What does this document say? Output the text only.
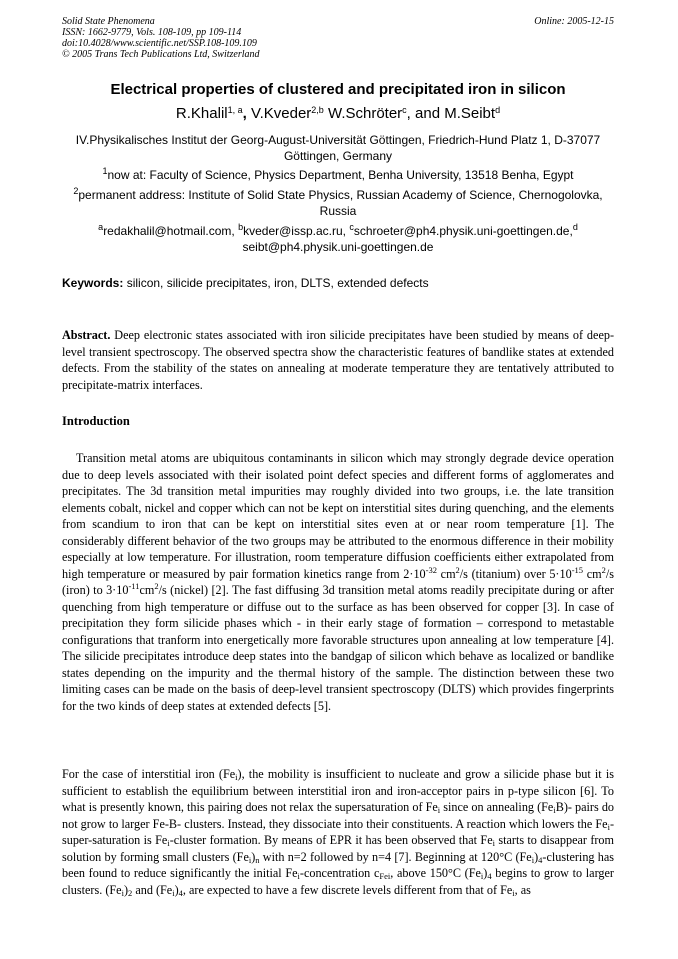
Solid State Phenomena
ISSN: 1662-9779, Vols. 108-109, pp 109-114
doi:10.4028/www.scientific.net/SSP.108-109.109
© 2005 Trans Tech Publications Ltd, Switzerland
Online: 2005-12-15
Electrical properties of clustered and precipitated iron in silicon
R.Khalil$^{1, a}$, V.Kveder$^{2,b}$ W.Schröter$^c$, and M.Seibt$^d$
IV.Physikalisches Institut der Georg-August-Universität Göttingen, Friedrich-Hund Platz 1, D-37077 Göttingen, Germany
$^1$now at: Faculty of Science, Physics Department, Benha University, 13518 Benha, Egypt
$^2$permanent address: Institute of Solid State Physics, Russian Academy of Science, Chernogolovka, Russia
$^a$redakhalil@hotmail.com, $^b$kveder@issp.ac.ru, $^c$schroeter@ph4.physik.uni-goettingen.de,$^d$ seibt@ph4.physik.uni-goettingen.de
Keywords: silicon, silicide precipitates, iron, DLTS, extended defects
Abstract. Deep electronic states associated with iron silicide precipitates have been studied by means of deep-level transient spectroscopy. The observed spectra show the characteristic features of bandlike states at extended defects. From the stability of the states on annealing at moderate temperature they are tentatively attributed to precipitate-matrix interfaces.
Introduction
Transition metal atoms are ubiquitous contaminants in silicon which may strongly degrade device operation due to deep levels associated with their isolated point defect species and different forms of agglomerates and precipitates. The 3d transition metal impurities may roughly divided into two groups, i.e. the late transition elements cobalt, nickel and copper which can not be kept on interstitial sites during quenching, and the elements from scandium to iron that can be kept on interstitial sites even at or near room temperature [1]. The considerably different behavior of the two groups may be attributed to the enormous difference in their mobility especially at low temperature. For illustration, room temperature diffusion coefficients either extrapolated from high temperature or measured by pair formation kinetics range from $2\cdot 10^{-32}$ $cm^2/s$ (titanium) over $5\cdot 10^{-15}$ $cm^2/s$ (iron) to $3\cdot 10^{-11}cm^2/s$ (nickel) [2]. The fast diffusing 3d transition metal atoms readily precipitate during or after quenching from high temperature or diffuse out to the surface as has been observed for copper [3]. In case of precipitation they form silicide phases which - in their early stage of formation – correspond to metastable configurations that tranform into energetically more favorable structures upon annealing at low temperature [4]. The silicide precipitates introduce deep states into the bandgap of silicon which behave as localized or bandlike states depending on the impurity and the thermal history of the sample. The distinction between these two limiting cases can be made on the basis of deep-level transient spectroscopy (DLTS) which provides fingerprints for the two kinds of deep states at extended defects [5].
For the case of interstitial iron $(Fe_i)$, the mobility is insufficient to nucleate and grow a silicide phase but it is sufficient to establish the equilibrium between interstitial iron and iron-acceptor pairs in p-type silicon [6]. To what is presently known, this pairing does not relax the supersaturation of $Fe_i$ since on annealing $(Fe_iB)-$ pairs do not grow to larger Fe-B- clusters. Instead, they dissociate into their constituents. A reaction which lowers the $Fe_i-super$-saturation is $Fe_i$-cluster formation. By means of EPR it has been observed that $Fe_i$ starts to disappear from solution by forming small clusters $(Fe_i)_n$ with n=2 followed by n=4 [7]. Beginning at 120°C $(Fe_i)_4$-clustering has been found to reduce significantly the initial $Fe_i$-concentration $c_{Fei}$, above 150°C $(Fe_i)_4$ begins to grow to larger clusters. $(Fe_i)_2$ and $(Fe_i)_4$, are expected to have a few discrete levels different from that of $Fe_i$, as
